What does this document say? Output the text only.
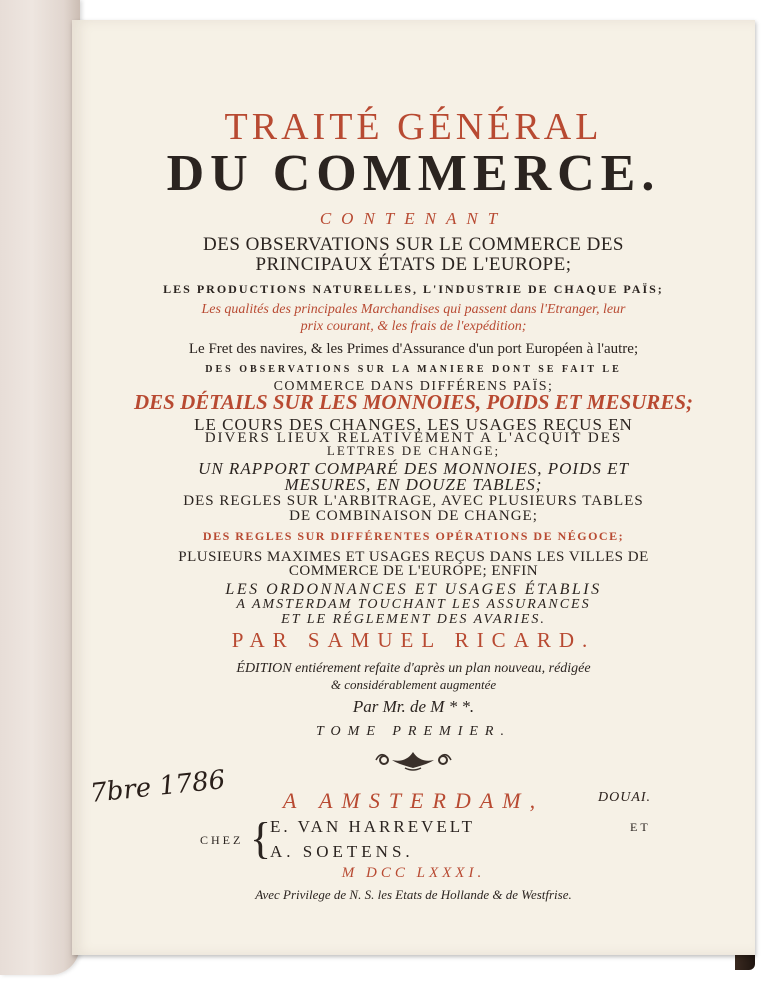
TRAITÉ GÉNÉRAL
DU COMMERCE.
CONTENANT
DES OBSERVATIONS SUR LE COMMERCE DES
PRINCIPAUX ÉTATS DE L'EUROPE;
LES PRODUCTIONS NATURELLES, L'INDUSTRIE DE CHAQUE PAÏS;
Les qualités des principales Marchandises qui passent dans l'Etranger, leur
prix courant, & les frais de l'expédition;
Le Fret des navires, & les Primes d'Assurance d'un port Européen à l'autre;
DES OBSERVATIONS SUR LA MANIERE DONT SE FAIT LE
COMMERCE DANS DIFFÉRENS PAÏS;
DES DÉTAILS SUR LES MONNOIES, POIDS ET MESURES;
LE COURS DES CHANGES, LES USAGES REÇUS EN
DIVERS LIEUX RELATIVEMENT A L'ACQUIT DES
LETTRES DE CHANGE;
UN RAPPORT COMPARÉ DES MONNOIES, POIDS ET
MESURES, EN DOUZE TABLES;
DES REGLES SUR L'ARBITRAGE, AVEC PLUSIEURS TABLES
DE COMBINAISON DE CHANGE;
DES REGLES SUR DIFFÉRENTES OPÉRATIONS DE NÉGOCE;
PLUSIEURS MAXIMES ET USAGES REÇUS DANS LES VILLES DE
COMMERCE DE L'EUROPE; ENFIN
LES ORDONNANCES ET USAGES ÉTABLIS
A AMSTERDAM TOUCHANT LES ASSURANCES
ET LE RÉGLEMENT DES AVARIES.
PAR SAMUEL RICARD.
ÉDITION entiérement refaite d'après un plan nouveau, rédigée
& considérablement augmentée
Par Mr. de M * *.
TOME PREMIER.
7bre 1786	A AMSTERDAM,	DOUAI.
CHEZ {
E. VAN HARREVELT	ET
A. SOETENS.
M DCC LXXXI.
Avec Privilege de N. S. les Etats de Hollande & de Westfrise.
